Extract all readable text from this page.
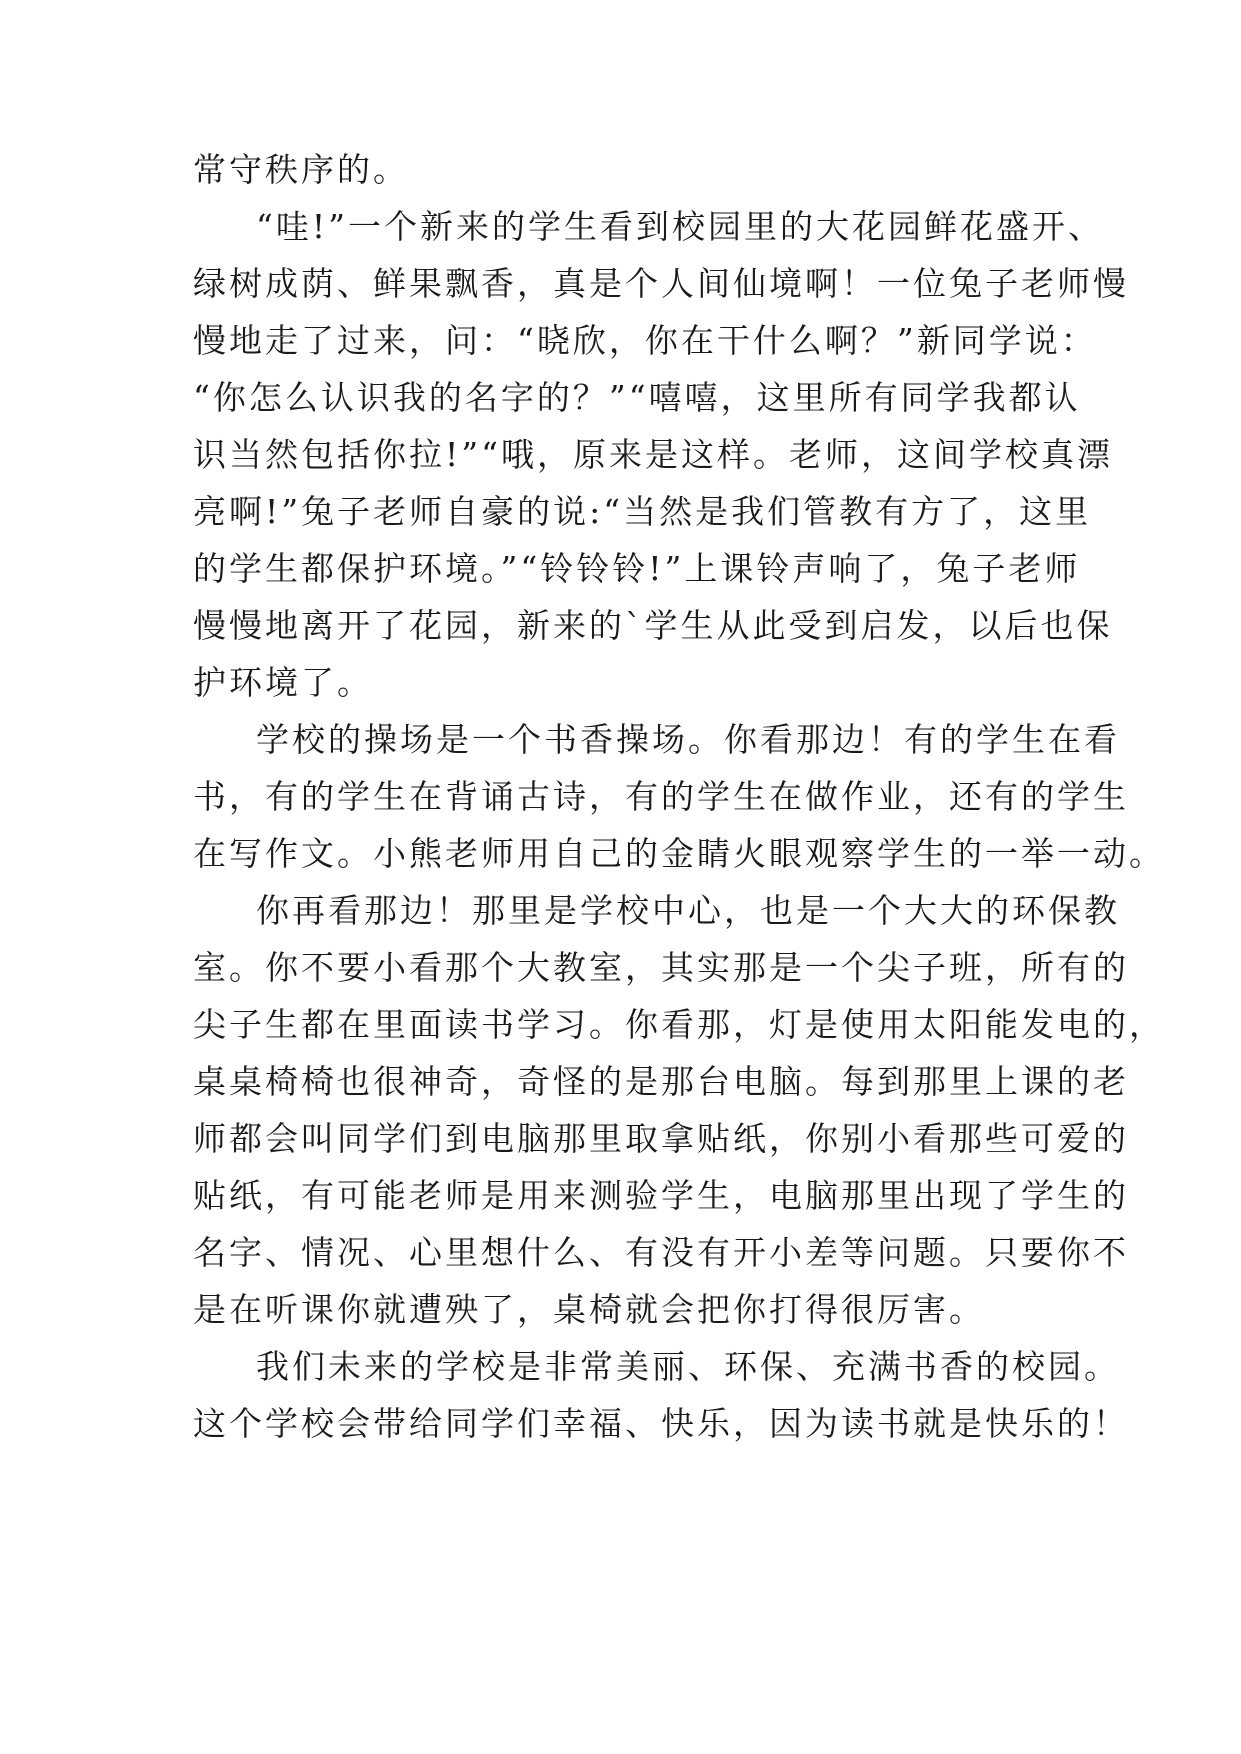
常守秩序的。
“哇!”一个新来的学生看到校园里的大花园鲜花盛开、
绿树成荫、鲜果飘香，真是个人间仙境啊！一位兔子老师慢
慢地走了过来，问：“晓欣，你在干什么啊？”新同学说：
“你怎么认识我的名字的？”“嘻嘻，这里所有同学我都认
识当然包括你拉!”“哦，原来是这样。老师，这间学校真漂
亮啊!”兔子老师自豪的说:“当然是我们管教有方了，这里
的学生都保护环境。”“铃铃铃!”上课铃声响了，兔子老师
慢慢地离开了花园，新来的`学生从此受到启发，以后也保
护环境了。
学校的操场是一个书香操场。你看那边！有的学生在看
书，有的学生在背诵古诗，有的学生在做作业，还有的学生
在写作文。小熊老师用自己的金睛火眼观察学生的一举一动。
你再看那边！那里是学校中心，也是一个大大的环保教
室。你不要小看那个大教室，其实那是一个尖子班，所有的
尖子生都在里面读书学习。你看那，灯是使用太阳能发电的，
桌桌椅椅也很神奇，奇怪的是那台电脑。每到那里上课的老
师都会叫同学们到电脑那里取拿贴纸，你别小看那些可爱的
贴纸，有可能老师是用来测验学生，电脑那里出现了学生的
名字、情况、心里想什么、有没有开小差等问题。只要你不
是在听课你就遭殃了，桌椅就会把你打得很厉害。
我们未来的学校是非常美丽、环保、充满书香的校园。
这个学校会带给同学们幸福、快乐，因为读书就是快乐的！
